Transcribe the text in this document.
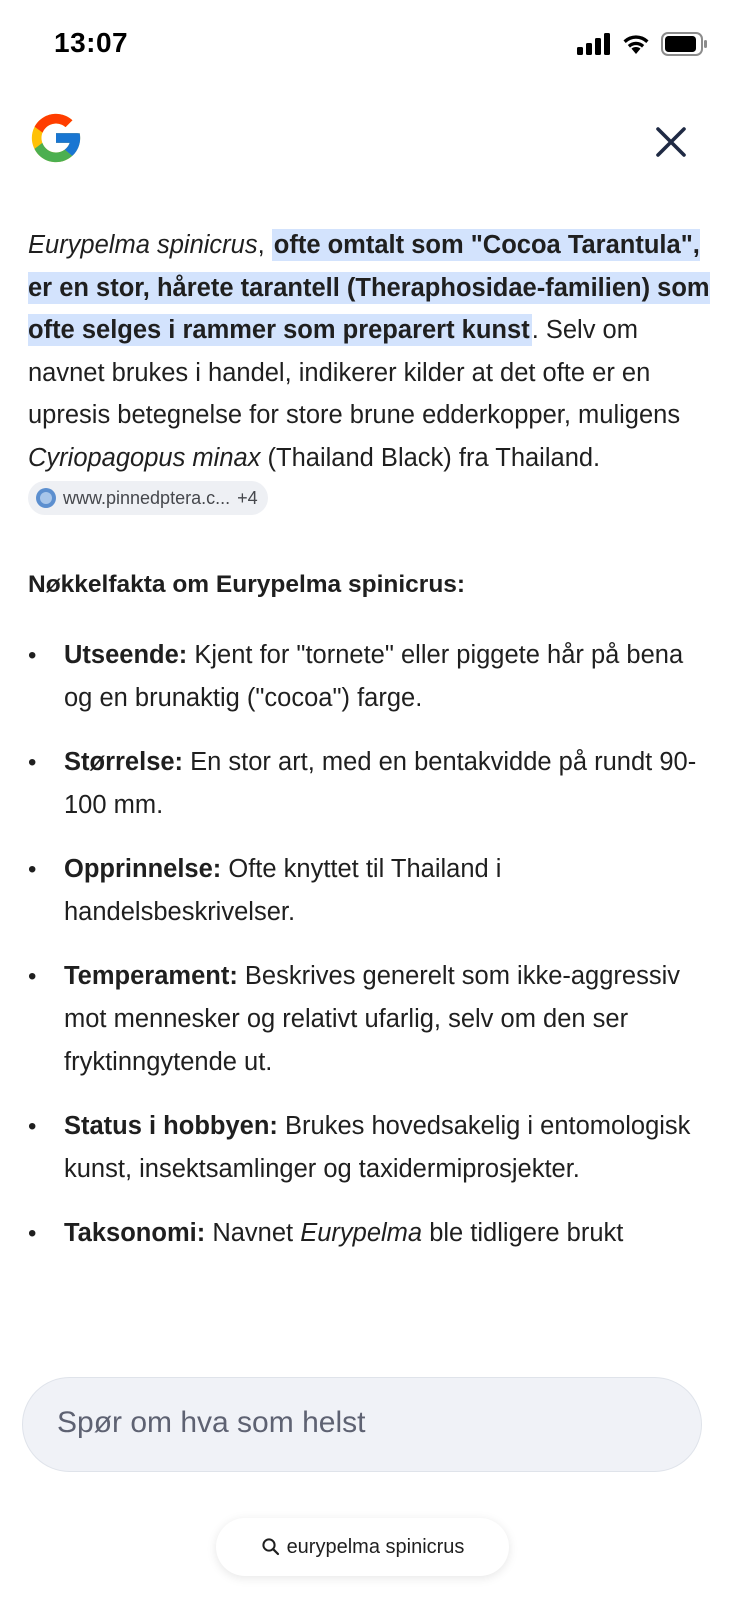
13:07

Eurypelma spinicrus, ofte omtalt som "Cocoa Tarantula", er en stor, hårete tarantell (Theraphosidae-familien) som ofte selges i rammer som preparert kunst. Selv om navnet brukes i handel, indikerer kilder at det ofte er en upresis betegnelse for store brune edderkopper, muligens Cyriopagopus minax (Thailand Black) fra Thailand.
www.pinnedptera.c... +4

Nøkkelfakta om Eurypelma spinicrus:

• Utseende: Kjent for "tornete" eller piggete hår på bena og en brunaktig ("cocoa") farge.
• Størrelse: En stor art, med en bentakvidde på rundt 90-100 mm.
• Opprinnelse: Ofte knyttet til Thailand i handelsbeskrivelser.
• Temperament: Beskrives generelt som ikke-aggressiv mot mennesker og relativt ufarlig, selv om den ser fryktinngytende ut.
• Status i hobbyen: Brukes hovedsakelig i entomologisk kunst, insektsamlinger og taxidermiprosjekter.
• Taksonomi: Navnet Eurypelma ble tidligere brukt
Spør om hva som helst
eurypelma spinicrus
